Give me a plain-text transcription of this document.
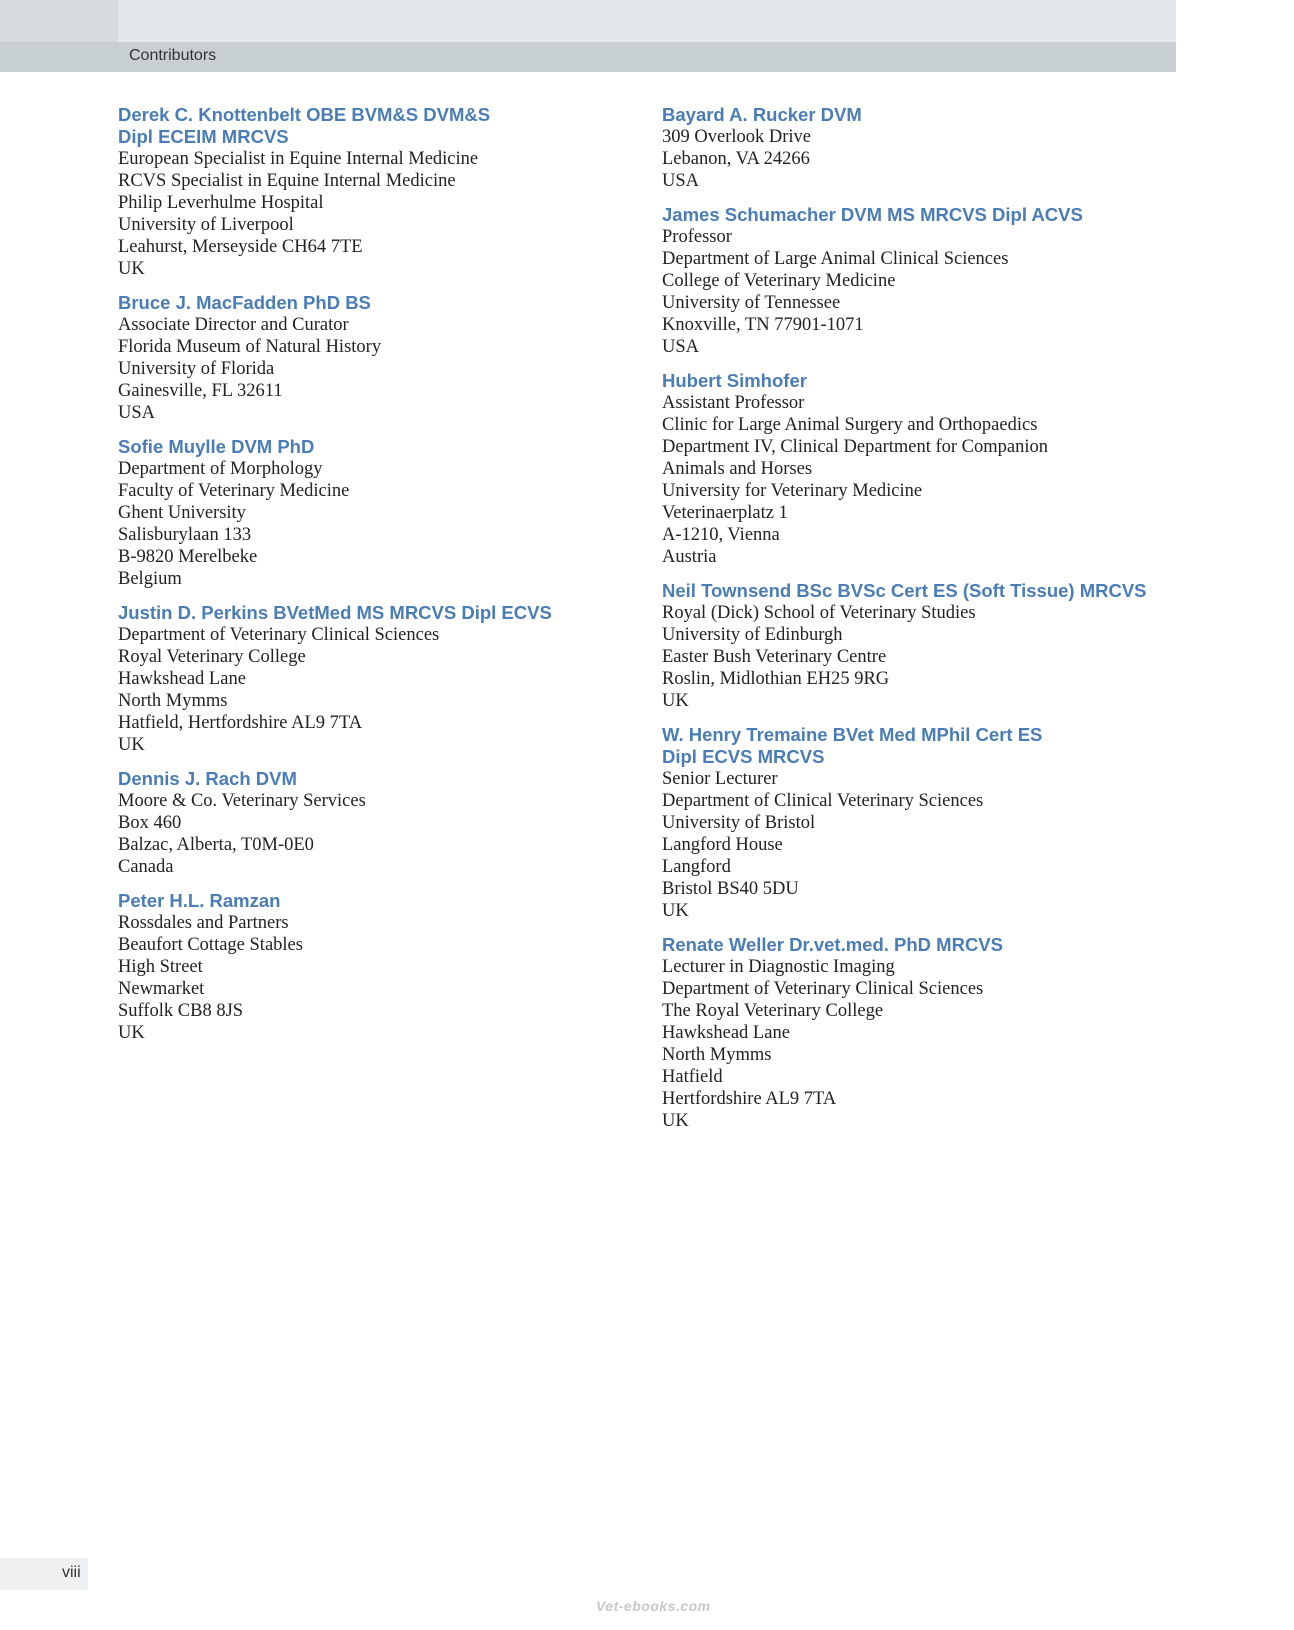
Contributors
Derek C. Knottenbelt OBE BVM&S DVM&S
Dipl ECEIM MRCVS
European Specialist in Equine Internal Medicine
RCVS Specialist in Equine Internal Medicine
Philip Leverhulme Hospital
University of Liverpool
Leahurst, Merseyside CH64 7TE
UK
Bruce J. MacFadden PhD BS
Associate Director and Curator
Florida Museum of Natural History
University of Florida
Gainesville, FL 32611
USA
Sofie Muylle DVM PhD
Department of Morphology
Faculty of Veterinary Medicine
Ghent University
Salisburylaan 133
B-9820 Merelbeke
Belgium
Justin D. Perkins BVetMed MS MRCVS Dipl ECVS
Department of Veterinary Clinical Sciences
Royal Veterinary College
Hawkshead Lane
North Mymms
Hatfield, Hertfordshire AL9 7TA
UK
Dennis J. Rach DVM
Moore & Co. Veterinary Services
Box 460
Balzac, Alberta, T0M-0E0
Canada
Peter H.L. Ramzan
Rossdales and Partners
Beaufort Cottage Stables
High Street
Newmarket
Suffolk CB8 8JS
UK
Bayard A. Rucker DVM
309 Overlook Drive
Lebanon, VA 24266
USA
James Schumacher DVM MS MRCVS Dipl ACVS
Professor
Department of Large Animal Clinical Sciences
College of Veterinary Medicine
University of Tennessee
Knoxville, TN 77901-1071
USA
Hubert Simhofer
Assistant Professor
Clinic for Large Animal Surgery and Orthopaedics
Department IV, Clinical Department for Companion
Animals and Horses
University for Veterinary Medicine
Veterinaerplatz 1
A-1210, Vienna
Austria
Neil Townsend BSc BVSc Cert ES (Soft Tissue) MRCVS
Royal (Dick) School of Veterinary Studies
University of Edinburgh
Easter Bush Veterinary Centre
Roslin, Midlothian EH25 9RG
UK
W. Henry Tremaine BVet Med MPhil Cert ES
Dipl ECVS MRCVS
Senior Lecturer
Department of Clinical Veterinary Sciences
University of Bristol
Langford House
Langford
Bristol BS40 5DU
UK
Renate Weller Dr.vet.med. PhD MRCVS
Lecturer in Diagnostic Imaging
Department of Veterinary Clinical Sciences
The Royal Veterinary College
Hawkshead Lane
North Mymms
Hatfield
Hertfordshire AL9 7TA
UK
viii
Vet-ebooks.com
